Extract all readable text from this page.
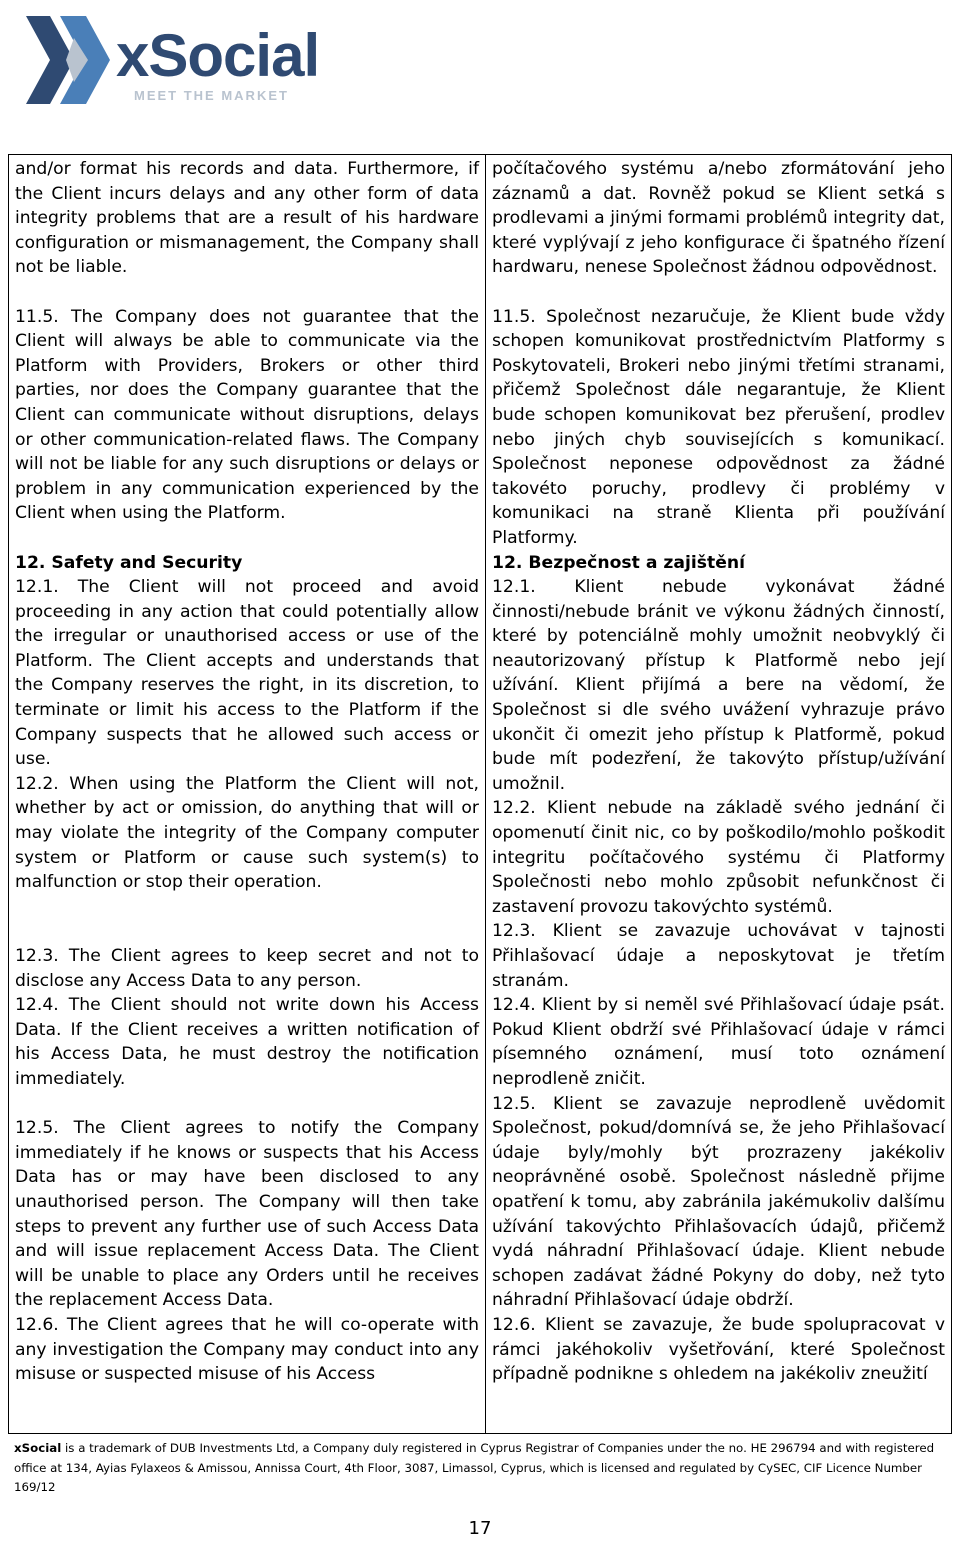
xSocial
MEET THE MARKET

and/or format his records and data. Furthermore, if the Client incurs delays and any other form of data integrity problems that are a result of his hardware configuration or mismanagement, the Company shall not be liable.

11.5. The Company does not guarantee that the Client will always be able to communicate via the Platform with Providers, Brokers or other third parties, nor does the Company guarantee that the Client can communicate without disruptions, delays or other communication-related flaws. The Company will not be liable for any such disruptions or delays or problem in any communication experienced by the Client when using the Platform.

12. Safety and Security

12.1. The Client will not proceed and avoid proceeding in any action that could potentially allow the irregular or unauthorised access or use of the Platform. The Client accepts and understands that the Company reserves the right, in its discretion, to terminate or limit his access to the Platform if the Company suspects that he allowed such access or use.

12.2. When using the Platform the Client will not, whether by act or omission, do anything that will or may violate the integrity of the Company computer system or Platform or cause such system(s) to malfunction or stop their operation.

12.3. The Client agrees to keep secret and not to disclose any Access Data to any person.

12.4. The Client should not write down his Access Data. If the Client receives a written notification of his Access Data, he must destroy the notification immediately.

12.5. The Client agrees to notify the Company immediately if he knows or suspects that his Access Data has or may have been disclosed to any unauthorised person. The Company will then take steps to prevent any further use of such Access Data and will issue replacement Access Data. The Client will be unable to place any Orders until he receives the replacement Access Data.

12.6. The Client agrees that he will co-operate with any investigation the Company may conduct into any misuse or suspected misuse of his Access

počítačového systému a/nebo zformátování jeho záznamů a dat. Rovněž pokud se Klient setká s prodlevami a jinými formami problémů integrity dat, které vyplývají z jeho konfigurace či špatného řízení hardwaru, nenese Společnost žádnou odpovědnost.

11.5. Společnost nezaručuje, že Klient bude vždy schopen komunikovat prostřednictvím Platformy s Poskytovateli, Brokeri nebo jinými třetími stranami, přičemž Společnost dále negarantuje, že Klient bude schopen komunikovat bez přerušení, prodlev nebo jiných chyb souvisejících s komunikací. Společnost neponese odpovědnost za žádné takovéto poruchy, prodlevy či problémy v komunikaci na straně Klienta při používání Platformy.

12. Bezpečnost a zajištění

12.1. Klient nebude vykonávat žádné činnosti/nebude bránit ve výkonu žádných činností, které by potenciálně mohly umožnit neobvyklý či neautorizovaný přístup k Platformě nebo její užívání. Klient přijímá a bere na vědomí, že Společnost si dle svého uvážení vyhrazuje právo ukončit či omezit jeho přístup k Platformě, pokud bude mít podezření, že takovýto přístup/užívání umožnil.

12.2. Klient nebude na základě svého jednání či opomenutí činit nic, co by poškodilo/mohlo poškodit integritu počítačového systému či Platformy Společnosti nebo mohlo způsobit nefunkčnost či zastavení provozu takovýchto systémů.

12.3. Klient se zavazuje uchovávat v tajnosti Přihlašovací údaje a neposkytovat je třetím stranám.

12.4. Klient by si neměl své Přihlašovací údaje psát. Pokud Klient obdrží své Přihlašovací údaje v rámci písemného oznámení, musí toto oznámení neprodleně zničit.

12.5. Klient se zavazuje neprodleně uvědomit Společnost, pokud/domnívá se, že jeho Přihlašovací údaje byly/mohly být prozrazeny jakékoliv neoprávněné osobě. Společnost následně přijme opatření k tomu, aby zabránila jakémukoliv dalšímu užívání takovýchto Přihlašovacích údajů, přičemž vydá náhradní Přihlašovací údaje. Klient nebude schopen zadávat žádné Pokyny do doby, než tyto náhradní Přihlašovací údaje obdrží.

12.6. Klient se zavazuje, že bude spolupracovat v rámci jakéhokoliv vyšetřování, které Společnost případně podnikne s ohledem na jakékoliv zneužití

xSocial is a trademark of DUB Investments Ltd, a Company duly registered in Cyprus Registrar of Companies under the no. HE 296794 and with registered office at 134, Ayias Fylaxeos & Amissou, Annissa Court, 4th Floor, 3087, Limassol, Cyprus, which is licensed and regulated by CySEC, CIF Licence Number 169/12
17
